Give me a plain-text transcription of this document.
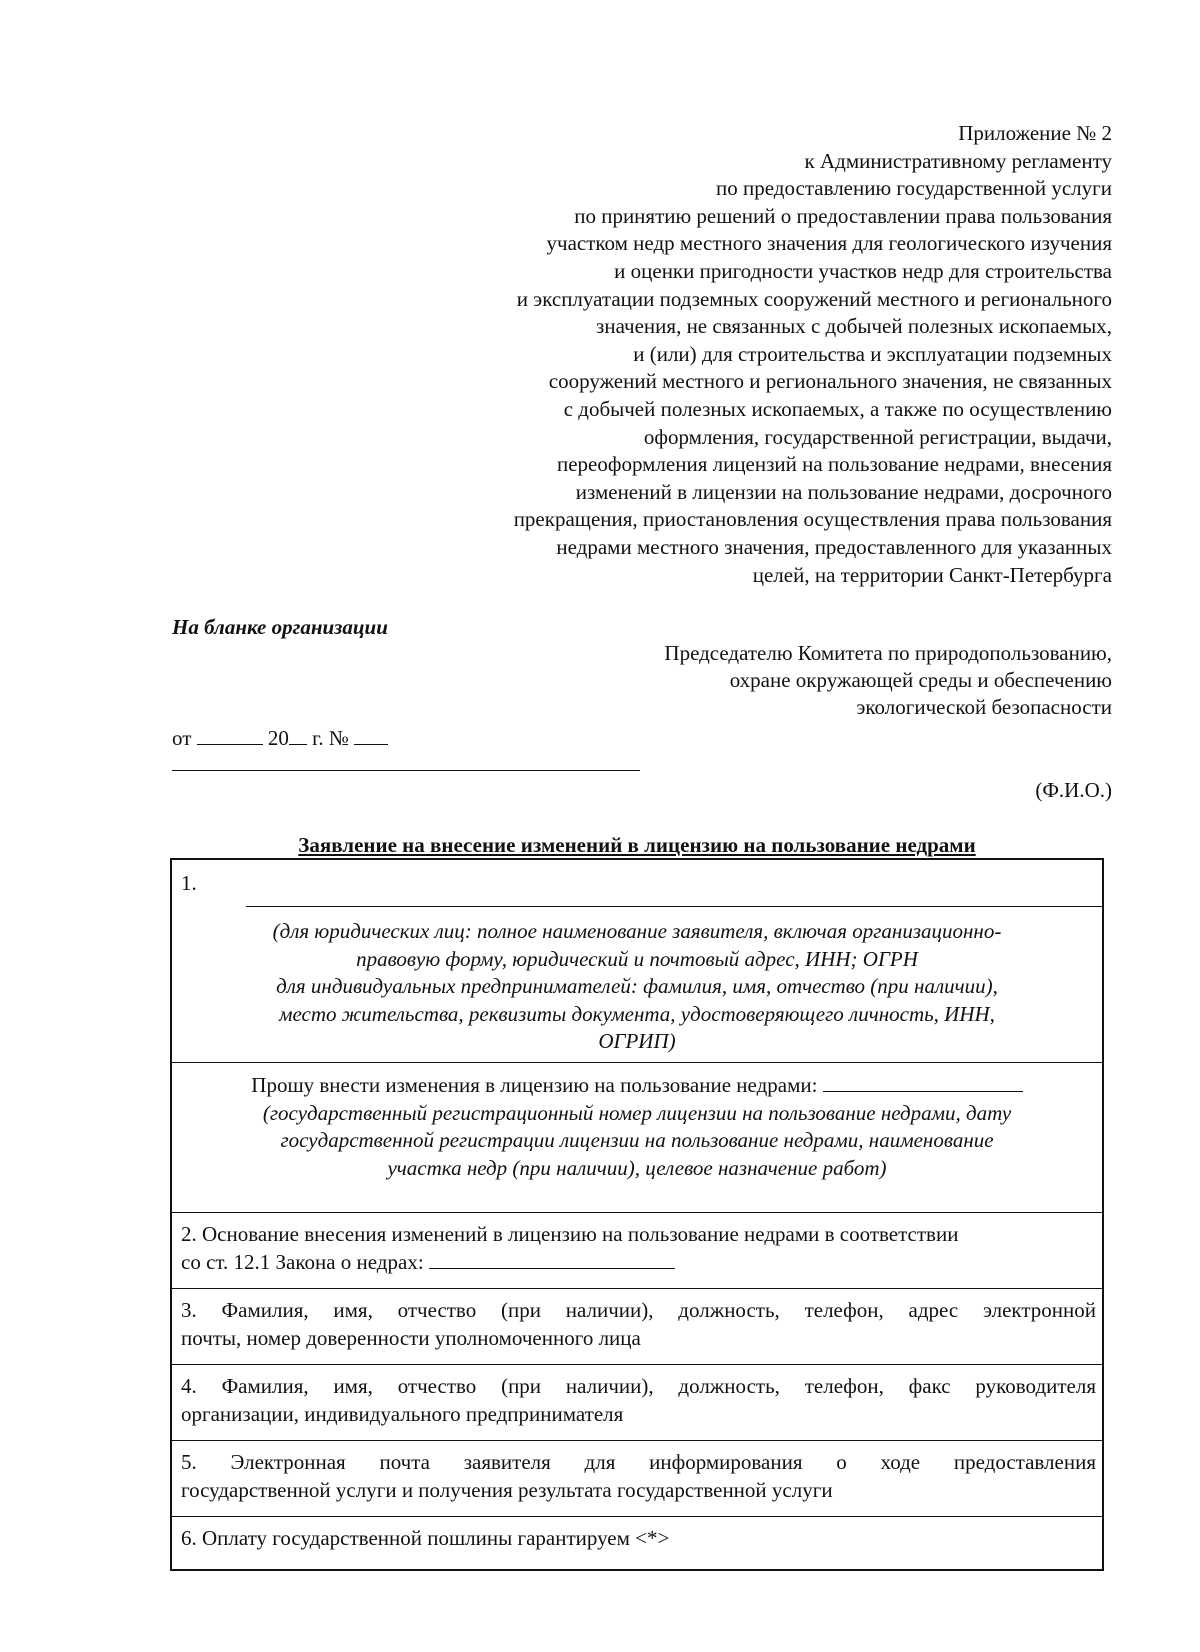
Приложение № 2
к Административному регламенту
по предоставлению государственной услуги
по принятию решений о предоставлении права пользования
участком недр местного значения для геологического изучения
и оценки пригодности участков недр для строительства
и эксплуатации подземных сооружений местного и регионального
значения, не связанных с добычей полезных ископаемых,
и (или) для строительства и эксплуатации подземных
сооружений местного и регионального значения, не связанных
с добычей полезных ископаемых, а также по осуществлению
оформления, государственной регистрации, выдачи,
переоформления лицензий на пользование недрами, внесения
изменений в лицензии на пользование недрами, досрочного
прекращения, приостановления осуществления права пользования
недрами местного значения, предоставленного для указанных
целей, на территории Санкт-Петербурга
На бланке организации
Председателю Комитета по природопользованию,
охране окружающей среды и обеспечению
экологической безопасности
от	20 г. №
(Ф.И.О.)
Заявление на внесение изменений в лицензию на пользование недрами
1.
(для юридических лиц: полное наименование заявителя, включая организационно-
правовую форму, юридический и почтовый адрес, ИНН; ОГРН
для индивидуальных предпринимателей: фамилия, имя, отчество (при наличии),
место жительства, реквизиты документа, удостоверяющего личность, ИНН,
ОГРИП)
Прошу внести изменения в лицензию на пользование недрами:
(государственный регистрационный номер лицензии на пользование недрами, дату
государственной регистрации лицензии на пользование недрами, наименование
участка недр (при наличии), целевое назначение работ)
2. Основание внесения изменений в лицензию на пользование недрами в соответствии
со ст. 12.1 Закона о недрах:
3. Фамилия, имя, отчество (при наличии), должность, телефон, адрес электронной
почты, номер доверенности уполномоченного лица
4. Фамилия, имя, отчество (при наличии), должность, телефон, факс руководителя
организации, индивидуального предпринимателя
5. Электронная почта заявителя для информирования о ходе предоставления
государственной услуги и получения результата государственной услуги
6. Оплату государственной пошлины гарантируем <*>
